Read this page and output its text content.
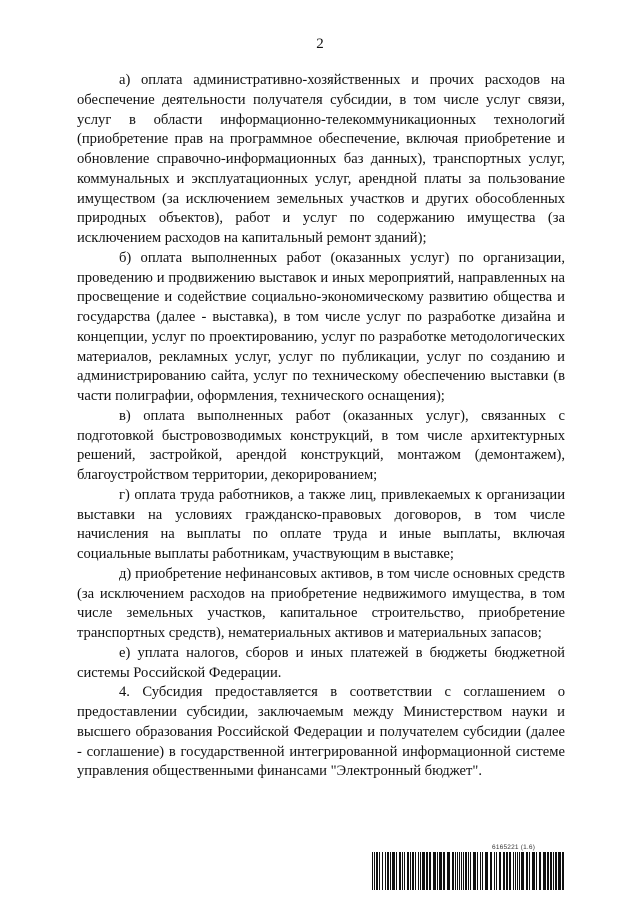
2

а) оплата административно-хозяйственных и прочих расходов на обеспечение деятельности получателя субсидии, в том числе услуг связи, услуг в области информационно-телекоммуникационных технологий (приобретение прав на программное обеспечение, включая приобретение и обновление справочно-информационных баз данных), транспортных услуг, коммунальных и эксплуатационных услуг, арендной платы за пользование имуществом (за исключением земельных участков и других обособленных природных объектов), работ и услуг по содержанию имущества (за исключением расходов на капитальный ремонт зданий);

б) оплата выполненных работ (оказанных услуг) по организации, проведению и продвижению выставок и иных мероприятий, направленных на просвещение и содействие социально-экономическому развитию общества и государства (далее - выставка), в том числе услуг по разработке дизайна и концепции, услуг по проектированию, услуг по разработке методологических материалов, рекламных услуг, услуг по публикации, услуг по созданию и администрированию сайта, услуг по техническому обеспечению выставки (в части полиграфии, оформления, технического оснащения);

в) оплата выполненных работ (оказанных услуг), связанных с подготовкой быстровозводимых конструкций, в том числе архитектурных решений, застройкой, арендой конструкций, монтажом (демонтажем), благоустройством территории, декорированием;

г) оплата труда работников, а также лиц, привлекаемых к организации выставки на условиях гражданско-правовых договоров, в том числе начисления на выплаты по оплате труда и иные выплаты, включая социальные выплаты работникам, участвующим в выставке;

д) приобретение нефинансовых активов, в том числе основных средств (за исключением расходов на приобретение недвижимого имущества, в том числе земельных участков, капитальное строительство, приобретение транспортных средств), нематериальных активов и материальных запасов;

е) уплата налогов, сборов и иных платежей в бюджеты бюджетной системы Российской Федерации.

4. Субсидия предоставляется в соответствии с соглашением о предоставлении субсидии, заключаемым между Министерством науки и высшего образования Российской Федерации и получателем субсидии (далее - соглашение) в государственной интегрированной информационной системе управления общественными финансами "Электронный бюджет".

6165221 (1.6)
